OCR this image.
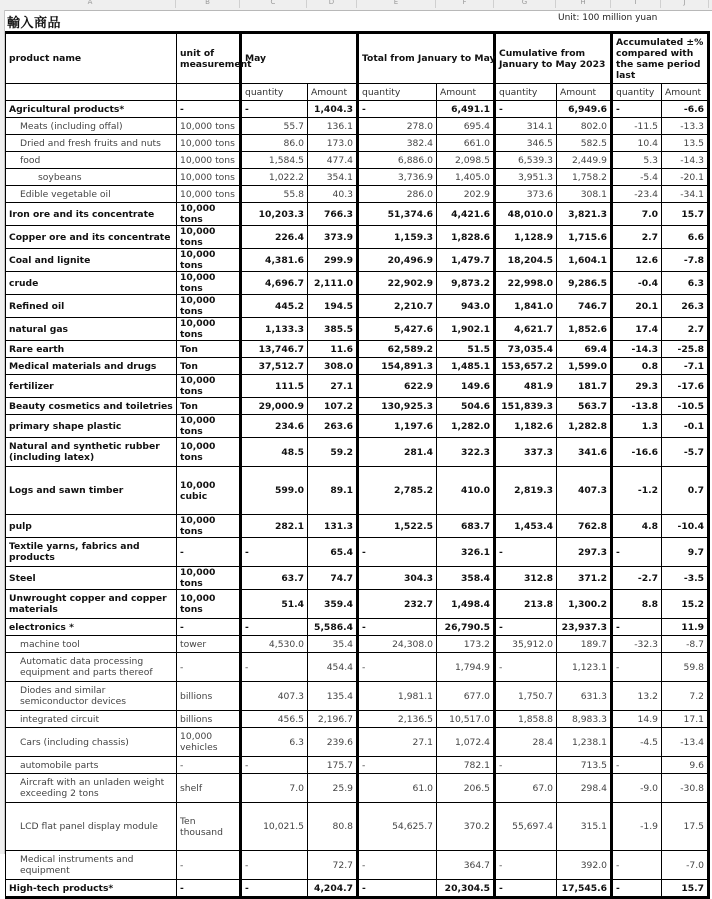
A	B	C	D	E	F	G	H	I	J
輸入商品	Unit: 100 million yuan
product name	unit of measurement	May		Total from January to May		Cumulative from January to May 2023		Accumulated ±% compared with the same period last	
		quantity	Amount	quantity	Amount	quantity	Amount	quantity	Amount
Agricultural products*	-	-	1,404.3	-	6,491.1	-	6,949.6	-	-6.6
Meats (including offal)	10,000 tons	55.7	136.1	278.0	695.4	314.1	802.0	-11.5	-13.3
Dried and fresh fruits and nuts	10,000 tons	86.0	173.0	382.4	661.0	346.5	582.5	10.4	13.5
food	10,000 tons	1,584.5	477.4	6,886.0	2,098.5	6,539.3	2,449.9	5.3	-14.3
soybeans	10,000 tons	1,022.2	354.1	3,736.9	1,405.0	3,951.3	1,758.2	-5.4	-20.1
Edible vegetable oil	10,000 tons	55.8	40.3	286.0	202.9	373.6	308.1	-23.4	-34.1
Iron ore and its concentrate	10,000 tons	10,203.3	766.3	51,374.6	4,421.6	48,010.0	3,821.3	7.0	15.7
Copper ore and its concentrate	10,000 tons	226.4	373.9	1,159.3	1,828.6	1,128.9	1,715.6	2.7	6.6
Coal and lignite	10,000 tons	4,381.6	299.9	20,496.9	1,479.7	18,204.5	1,604.1	12.6	-7.8
crude	10,000 tons	4,696.7	2,111.0	22,902.9	9,873.2	22,998.0	9,286.5	-0.4	6.3
Refined oil	10,000 tons	445.2	194.5	2,210.7	943.0	1,841.0	746.7	20.1	26.3
natural gas	10,000 tons	1,133.3	385.5	5,427.6	1,902.1	4,621.7	1,852.6	17.4	2.7
Rare earth	Ton	13,746.7	11.6	62,589.2	51.5	73,035.4	69.4	-14.3	-25.8
Medical materials and drugs	Ton	37,512.7	308.0	154,891.3	1,485.1	153,657.2	1,599.0	0.8	-7.1
fertilizer	10,000 tons	111.5	27.1	622.9	149.6	481.9	181.7	29.3	-17.6
Beauty cosmetics and toiletries	Ton	29,000.9	107.2	130,925.3	504.6	151,839.3	563.7	-13.8	-10.5
primary shape plastic	10,000 tons	234.6	263.6	1,197.6	1,282.0	1,182.6	1,282.8	1.3	-0.1
Natural and synthetic rubber (including latex)	10,000 tons	48.5	59.2	281.4	322.3	337.3	341.6	-16.6	-5.7
Logs and sawn timber	10,000 cubic	599.0	89.1	2,785.2	410.0	2,819.3	407.3	-1.2	0.7
pulp	10,000 tons	282.1	131.3	1,522.5	683.7	1,453.4	762.8	4.8	-10.4
Textile yarns, fabrics and products	-	-	65.4	-	326.1	-	297.3	-	9.7
Steel	10,000 tons	63.7	74.7	304.3	358.4	312.8	371.2	-2.7	-3.5
Unwrought copper and copper materials	10,000 tons	51.4	359.4	232.7	1,498.4	213.8	1,300.2	8.8	15.2
electronics *	-	-	5,586.4	-	26,790.5	-	23,937.3	-	11.9
machine tool	tower	4,530.0	35.4	24,308.0	173.2	35,912.0	189.7	-32.3	-8.7
Automatic data processing equipment and parts thereof	-	-	454.4	-	1,794.9	-	1,123.1	-	59.8
Diodes and similar semiconductor devices	billions	407.3	135.4	1,981.1	677.0	1,750.7	631.3	13.2	7.2
integrated circuit	billions	456.5	2,196.7	2,136.5	10,517.0	1,858.8	8,983.3	14.9	17.1
Cars (including chassis)	10,000 vehicles	6.3	239.6	27.1	1,072.4	28.4	1,238.1	-4.5	-13.4
automobile parts	-	-	175.7	-	782.1	-	713.5	-	9.6
Aircraft with an unladen weight exceeding 2 tons	shelf	7.0	25.9	61.0	206.5	67.0	298.4	-9.0	-30.8
LCD flat panel display module	Ten thousand	10,021.5	80.8	54,625.7	370.2	55,697.4	315.1	-1.9	17.5
Medical instruments and equipment	-	-	72.7	-	364.7	-	392.0	-	-7.0
High-tech products*	-	-	4,204.7	-	20,304.5	-	17,545.6	-	15.7
